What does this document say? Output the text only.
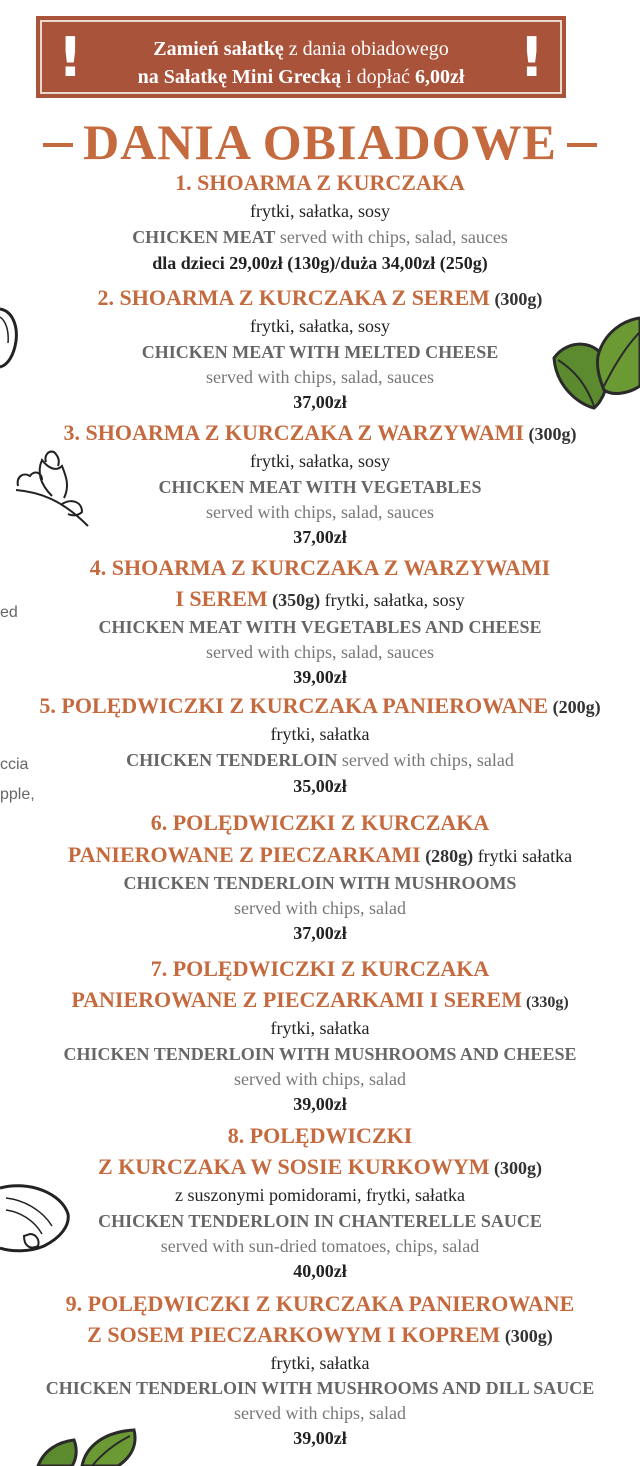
!	!
Zamień sałatkę z dania obiadowego
na Sałatkę Mini Grecką i dopłać 6,00zł
DANIA OBIADOWE
1. SHOARMA Z KURCZAKA
frytki, sałatka, sosy
CHICKEN MEAT served with chips, salad, sauces
dla dzieci 29,00zł (130g)/duża 34,00zł (250g)
2. SHOARMA Z KURCZAKA Z SEREM (300g)
frytki, sałatka, sosy
CHICKEN MEAT WITH MELTED CHEESE
served with chips, salad, sauces
37,00zł
3. SHOARMA Z KURCZAKA Z WARZYWAMI (300g)
frytki, sałatka, sosy
CHICKEN MEAT WITH VEGETABLES
served with chips, salad, sauces
37,00zł
4. SHOARMA Z KURCZAKA Z WARZYWAMI
I SEREM (350g) frytki, sałatka, sosy
CHICKEN MEAT WITH VEGETABLES AND CHEESE
served with chips, salad, sauces
39,00zł
5. POLĘDWICZKI Z KURCZAKA PANIEROWANE (200g)
frytki, sałatka
CHICKEN TENDERLOIN served with chips, salad
35,00zł
6. POLĘDWICZKI Z KURCZAKA
PANIEROWANE Z PIECZARKAMI (280g) frytki sałatka
CHICKEN TENDERLOIN WITH MUSHROOMS
served with chips, salad
37,00zł
7. POLĘDWICZKI Z KURCZAKA
PANIEROWANE Z PIECZARKAMI I SEREM (330g)
frytki, sałatka
CHICKEN TENDERLOIN WITH MUSHROOMS AND CHEESE
served with chips, salad
39,00zł
8. POLĘDWICZKI
Z KURCZAKA W SOSIE KURKOWYM (300g)
z suszonymi pomidorami, frytki, sałatka
CHICKEN TENDERLOIN IN CHANTERELLE SAUCE
served with sun-dried tomatoes, chips, salad
40,00zł
9. POLĘDWICZKI Z KURCZAKA PANIEROWANE
Z SOSEM PIECZARKOWYM I KOPREM (300g)
frytki, sałatka
CHICKEN TENDERLOIN WITH MUSHROOMS AND DILL SAUCE
served with chips, salad
39,00zł
ed
ccia
pple,
